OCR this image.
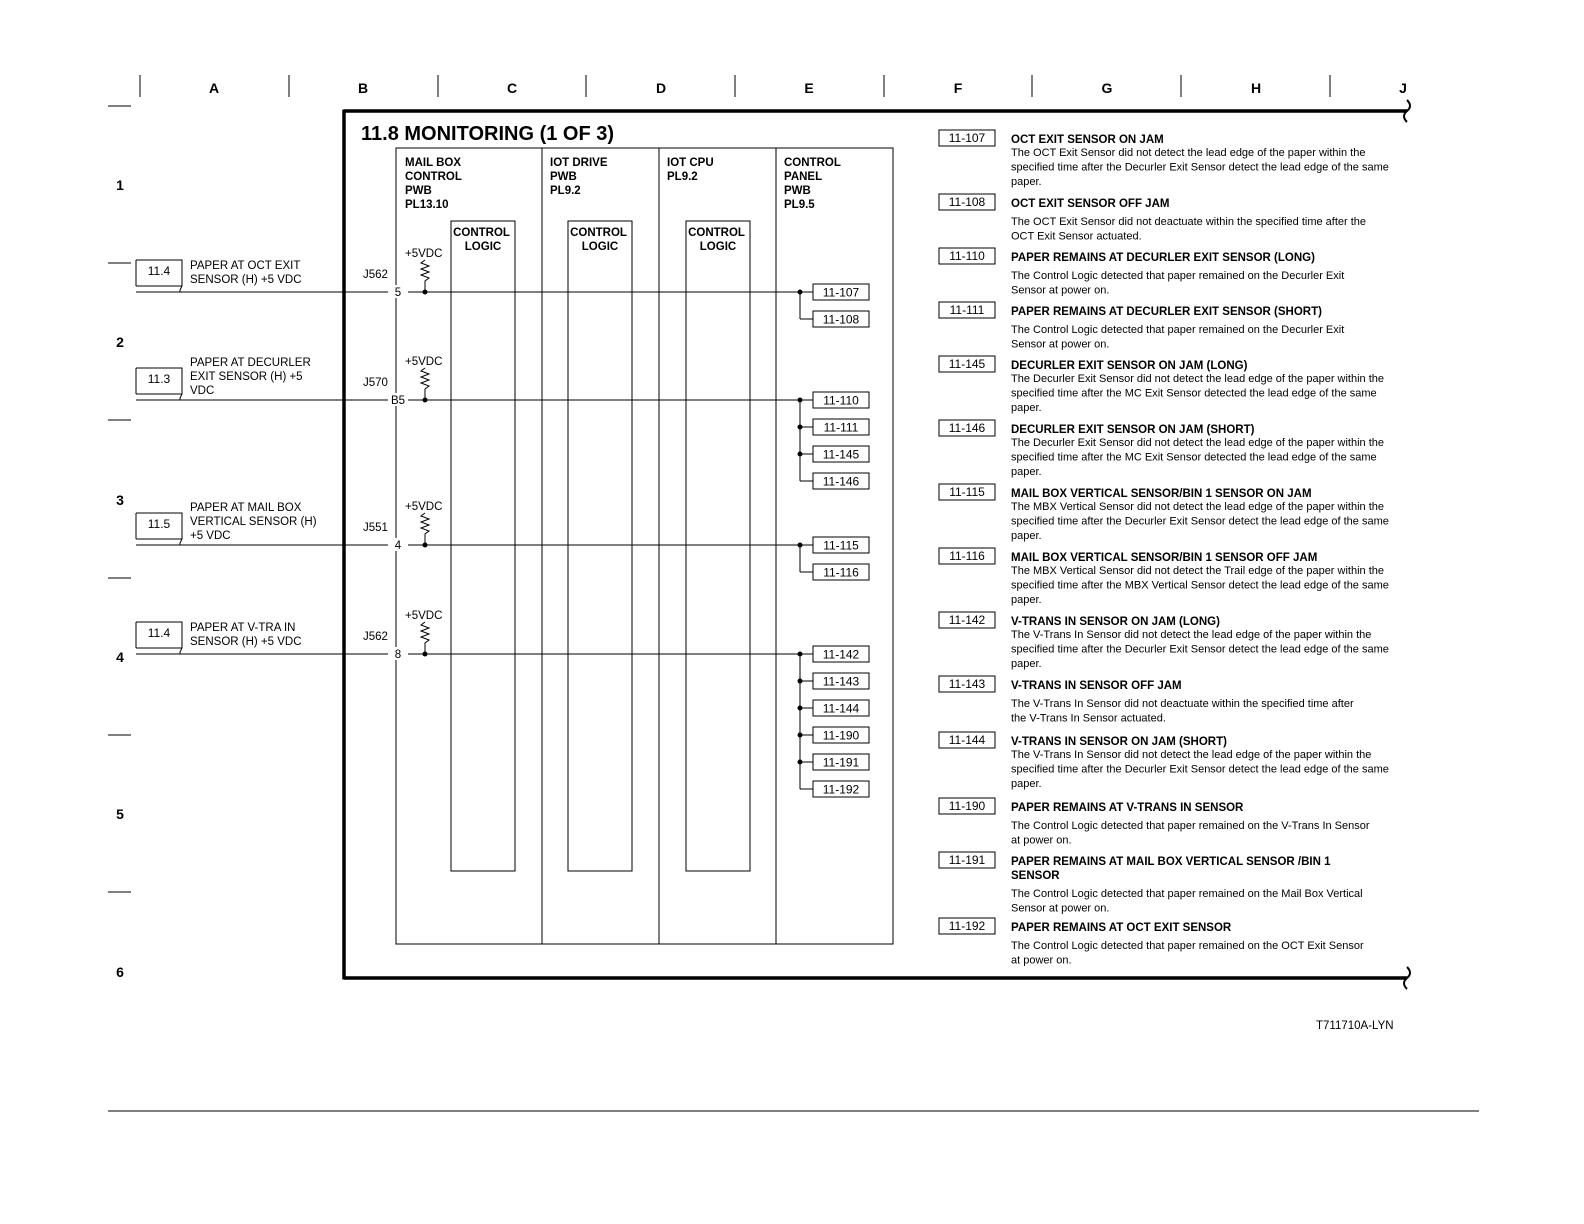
A	B	C	D	E	F	G	H	J
1
2
3
4
5
6
11.8 MONITORING (1 OF 3)
MAIL BOX CONTROL PWB PL13.10
IOT DRIVE PWB PL9.2
IOT CPU PL9.2
CONTROL PANEL PWB PL9.5
CONTROL LOGIC
CONTROL LOGIC
CONTROL LOGIC
11.4 PAPER AT OCT EXIT SENSOR (H) +5 VDC	J562
5
+5VDC
11.3
PAPER AT DECURLER EXIT SENSOR (H) +5 VDC
J570
B5
+5VDC
11.5
PAPER AT MAIL BOX VERTICAL SENSOR (H) +5 VDC
J551
4
+5VDC
11.4 PAPER AT V-TRA IN SENSOR (H) +5 VDC	J562
8
+5VDC
11-107
11-108
11-110
11-111
11-145
11-146
11-115
11-116
11-142
11-143
11-144
11-190
11-191
11-192
11-107 OCT EXIT SENSOR ON JAM
The OCT Exit Sensor did not detect the lead edge of the paper within the
specified time after the Decurler Exit Sensor detect the lead edge of the same
paper.
11-108 OCT EXIT SENSOR OFF JAM
The OCT Exit Sensor did not deactuate within the specified time after the
OCT Exit Sensor actuated.
11-110 PAPER REMAINS AT DECURLER EXIT SENSOR (LONG)
The Control Logic detected that paper remained on the Decurler Exit
Sensor at power on.
11-111 PAPER REMAINS AT DECURLER EXIT SENSOR (SHORT)
The Control Logic detected that paper remained on the Decurler Exit
Sensor at power on.
11-145 DECURLER EXIT SENSOR ON JAM (LONG)
The Decurler Exit Sensor did not detect the lead edge of the paper within the
specified time after the MC Exit Sensor detected the lead edge of the same
paper.
11-146 DECURLER EXIT SENSOR ON JAM (SHORT)
The Decurler Exit Sensor did not detect the lead edge of the paper within the
specified time after the MC Exit Sensor detected the lead edge of the same
paper.
11-115 MAIL BOX VERTICAL SENSOR/BIN 1 SENSOR ON JAM
The MBX Vertical Sensor did not detect the lead edge of the paper within the
specified time after the Decurler Exit Sensor detect the lead edge of the same
paper.
11-116 MAIL BOX VERTICAL SENSOR/BIN 1 SENSOR OFF JAM
The MBX Vertical Sensor did not detect the Trail edge of the paper within the
specified time after the MBX Vertical Sensor detect the lead edge of the same
paper.
11-142 V-TRANS IN SENSOR ON JAM (LONG)
The V-Trans In Sensor did not detect the lead edge of the paper within the
specified time after the Decurler Exit Sensor detect the lead edge of the same
paper.
11-143 V-TRANS IN SENSOR OFF JAM
The V-Trans In Sensor did not deactuate within the specified time after
the V-Trans In Sensor actuated.
11-144 V-TRANS IN SENSOR ON JAM (SHORT)
The V-Trans In Sensor did not detect the lead edge of the paper within the
specified time after the Decurler Exit Sensor detect the lead edge of the same
paper.
11-190 PAPER REMAINS AT V-TRANS IN SENSOR
The Control Logic detected that paper remained on the V-Trans In Sensor
at power on.
11-191 PAPER REMAINS AT MAIL BOX VERTICAL SENSOR /BIN 1
SENSOR
The Control Logic detected that paper remained on the Mail Box Vertical
Sensor at power on.
11-192 PAPER REMAINS AT OCT EXIT SENSOR
The Control Logic detected that paper remained on the OCT Exit Sensor
at power on.
T711710A-LYN
